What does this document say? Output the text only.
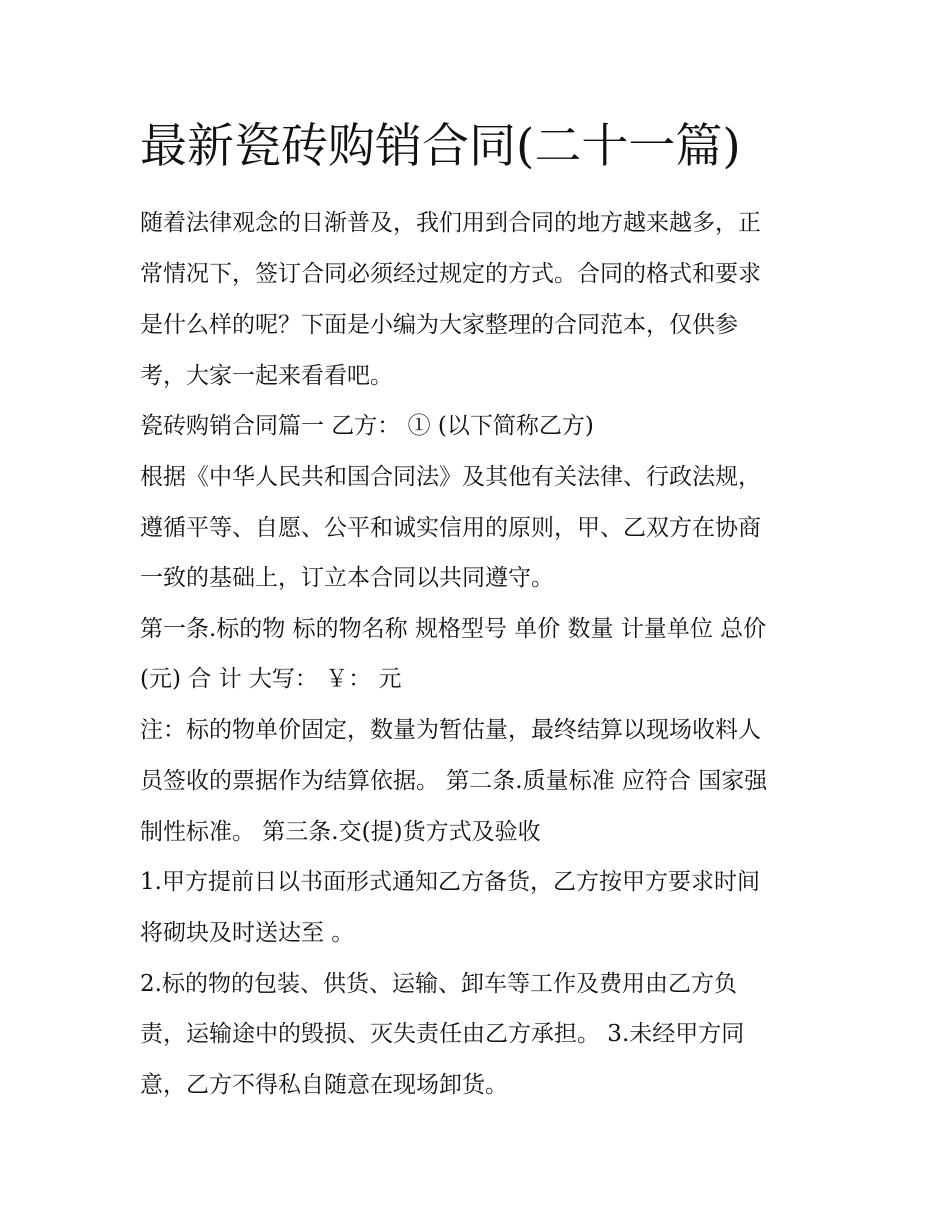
最新瓷砖购销合同(二十一篇)

随着法律观念的日渐普及，我们用到合同的地方越来越多，正

常情况下，签订合同必须经过规定的方式。合同的格式和要求

是什么样的呢？下面是小编为大家整理的合同范本，仅供参

考，大家一起来看看吧。

瓷砖购销合同篇一 乙方： ① (以下简称乙方)

根据《中华人民共和国合同法》及其他有关法律、行政法规，

遵循平等、自愿、公平和诚实信用的原则，甲、乙双方在协商

一致的基础上，订立本合同以共同遵守。

第一条.标的物 标的物名称 规格型号 单价 数量 计量单位 总价

(元) 合 计 大写： ￥： 元

注：标的物单价固定，数量为暂估量，最终结算以现场收料人

员签收的票据作为结算依据。 第二条.质量标准 应符合 国家强

制性标准。 第三条.交(提)货方式及验收

1.甲方提前日以书面形式通知乙方备货，乙方按甲方要求时间

将砌块及时送达至 。

2.标的物的包装、供货、运输、卸车等工作及费用由乙方负

责，运输途中的毁损、灭失责任由乙方承担。 3.未经甲方同

意，乙方不得私自随意在现场卸货。
